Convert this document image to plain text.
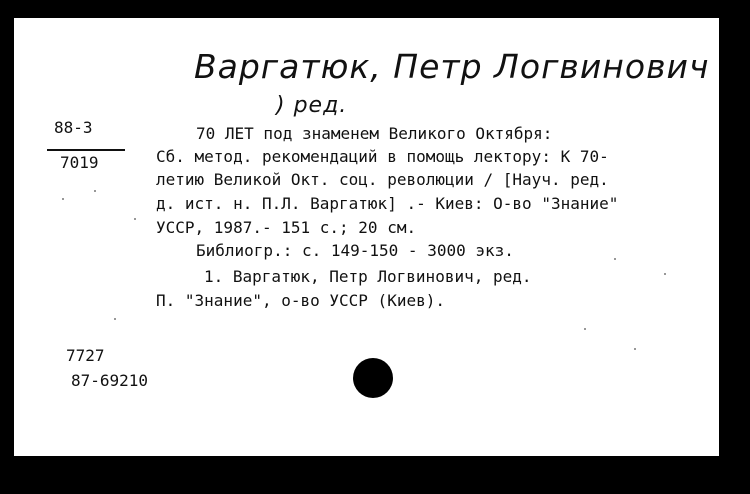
Варгатюк, Петр Логвинович
) ред.
88-3
7019
70 ЛЕТ под знаменем Великого Октября:
Сб. метод. рекомендаций в помощь лектору: К 70-
летию Великой Окт. соц. революции / [Науч. ред.
д. ист. н. П.Л. Варгатюк] .- Киев: О-во "Знание"
УССР, 1987.- 151 с.; 20 см.
Библиогр.: с. 149-150 - 3000 экз.
1. Варгатюк, Петр Логвинович, ред.
П. "Знание", о-во УССР (Киев).
7727
87-69210
